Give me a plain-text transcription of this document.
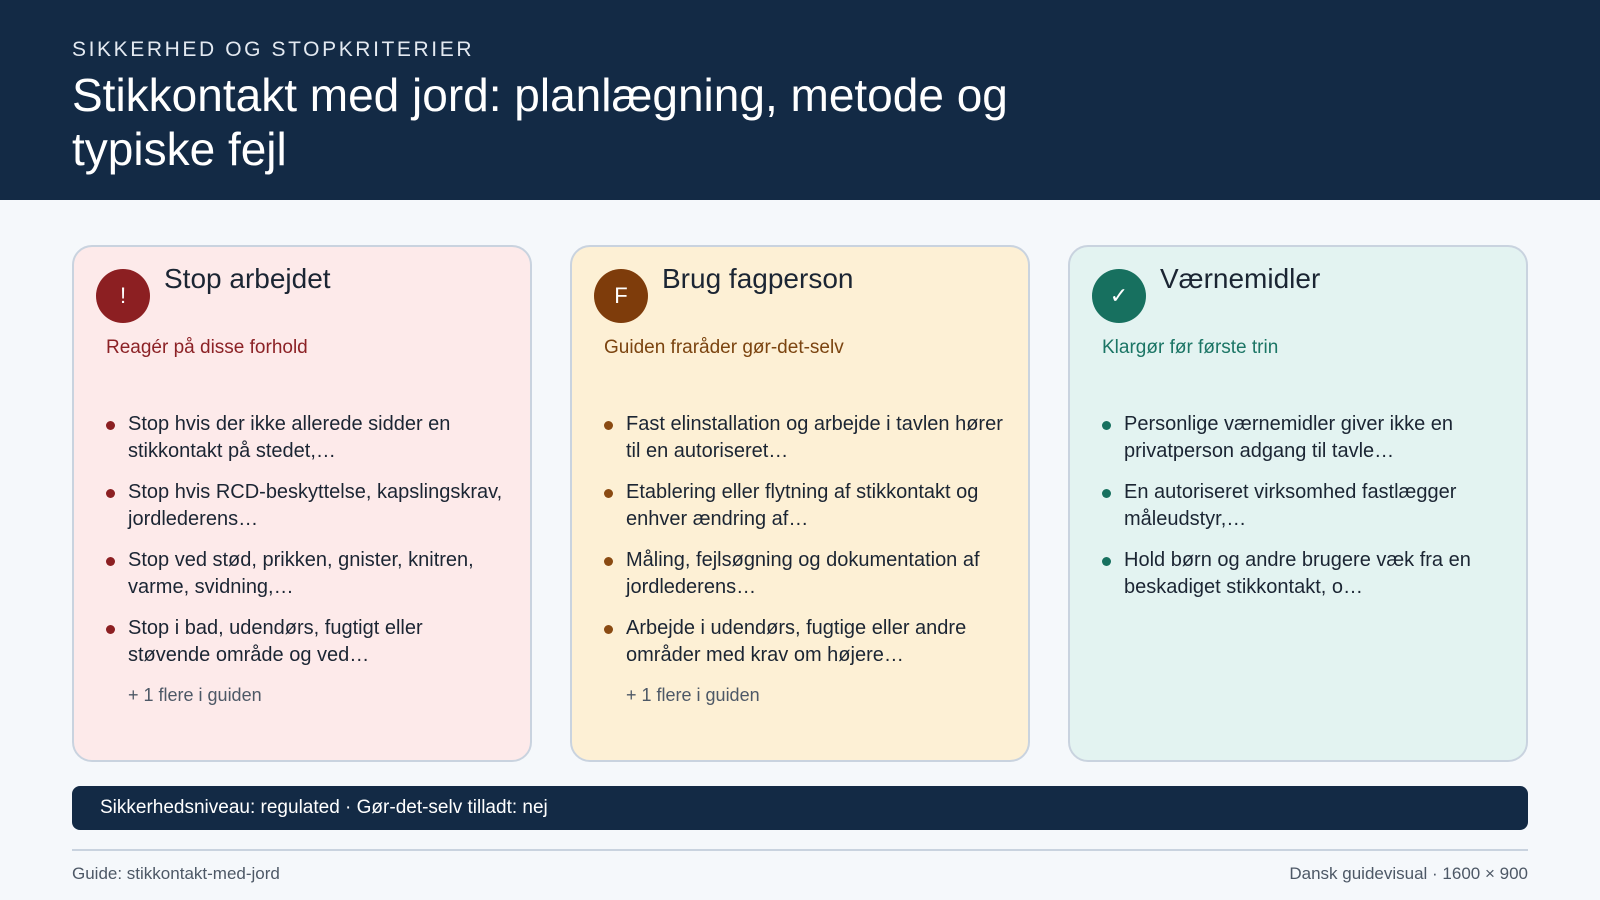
SIKKERHED OG STOPKRITERIER
Stikkontakt med jord: planlægning, metode og typiske fejl
!
Stop arbejdet
Reagér på disse forhold
Stop hvis der ikke allerede sidder en stikkontakt på stedet,…
Stop hvis RCD-beskyttelse, kapslingskrav, jordlederens…
Stop ved stød, prikken, gnister, knitren, varme, svidning,…
Stop i bad, udendørs, fugtigt eller støvende område og ved…
+ 1 flere i guiden
F
Brug fagperson
Guiden fraråder gør-det-selv
Fast elinstallation og arbejde i tavlen hører til en autoriseret…
Etablering eller flytning af stikkontakt og enhver ændring af…
Måling, fejlsøgning og dokumentation af jordlederens…
Arbejde i udendørs, fugtige eller andre områder med krav om højere…
+ 1 flere i guiden
✓
Værnemidler
Klargør før første trin
Personlige værnemidler giver ikke en privatperson adgang til tavle…
En autoriseret virksomhed fastlægger måleudstyr,…
Hold børn og andre brugere væk fra en beskadiget stikkontakt, o…
Sikkerhedsniveau: regulated · Gør-det-selv tilladt: nej
Guide: stikkontakt-med-jord	Dansk guidevisual · 1600 × 900
